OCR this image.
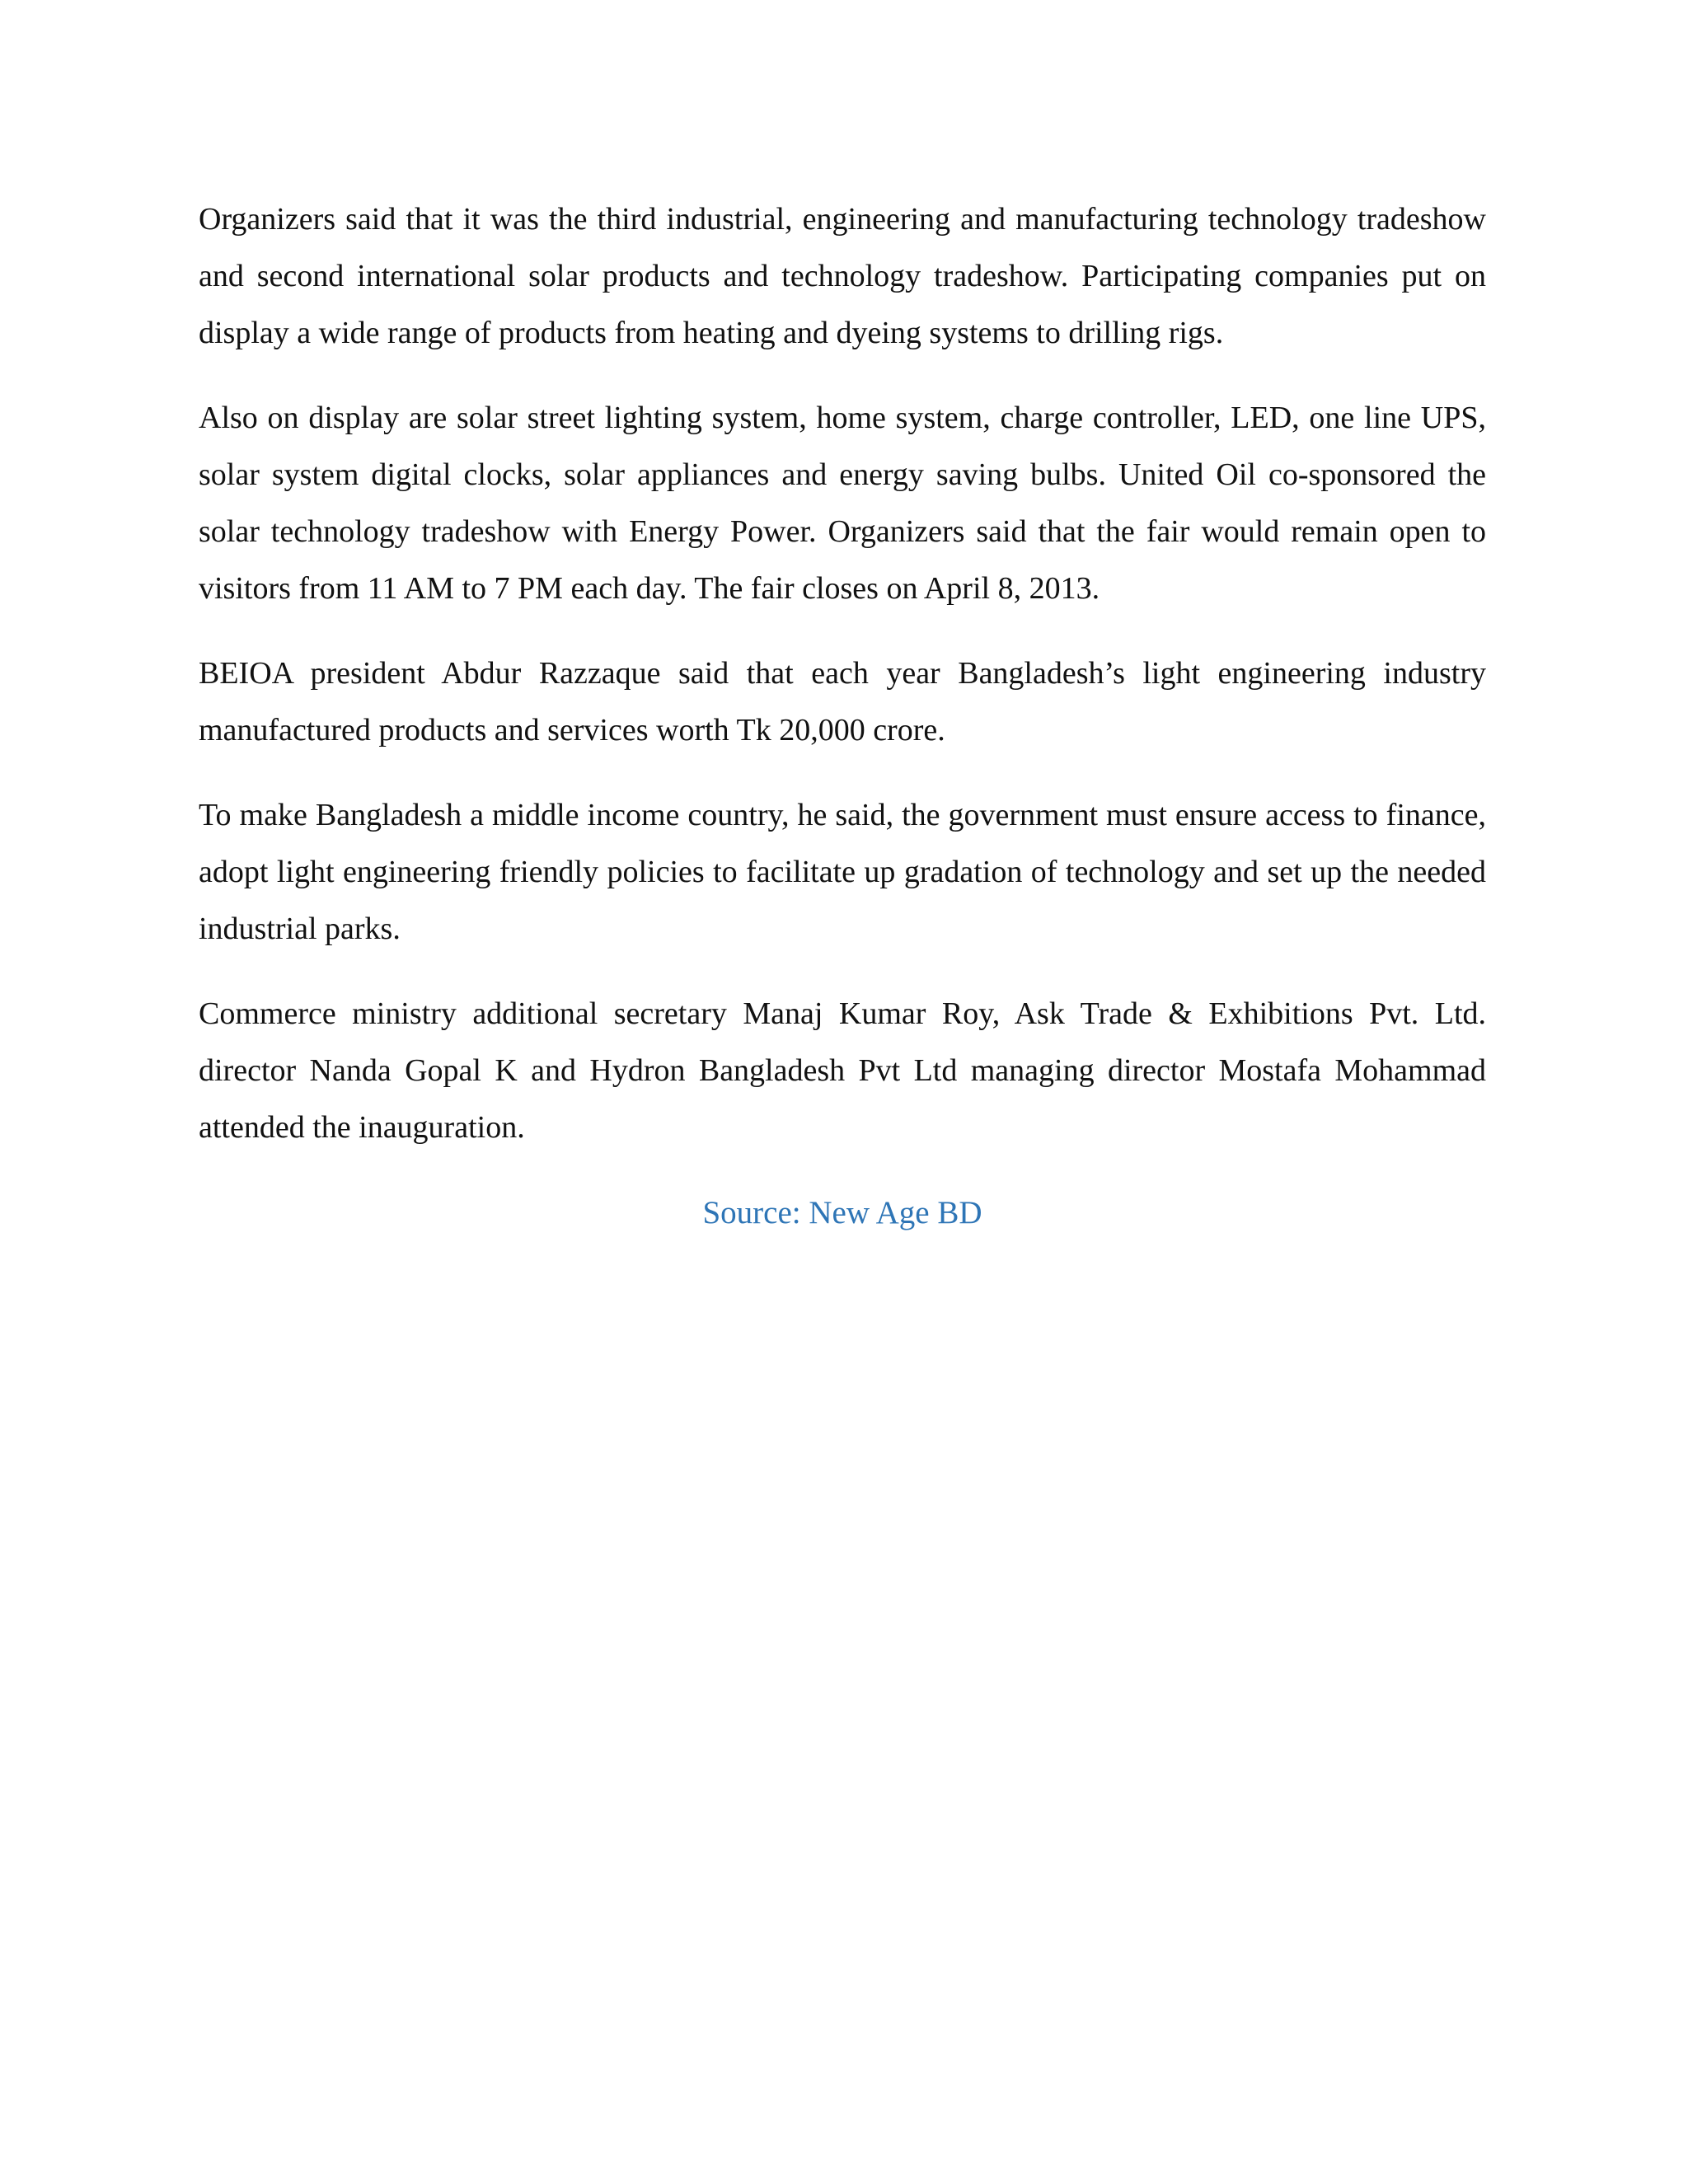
Organizers said that it was the third industrial, engineering and manufacturing technology tradeshow and second international solar products and technology tradeshow. Participating companies put on display a wide range of products from heating and dyeing systems to drilling rigs.

Also on display are solar street lighting system, home system, charge controller, LED, one line UPS, solar system digital clocks, solar appliances and energy saving bulbs. United Oil co-sponsored the solar technology tradeshow with Energy Power. Organizers said that the fair would remain open to visitors from 11 AM to 7 PM each day. The fair closes on April 8, 2013.

BEIOA president Abdur Razzaque said that each year Bangladesh’s light engineering industry manufactured products and services worth Tk 20,000 crore.

To make Bangladesh a middle income country, he said, the government must ensure access to finance, adopt light engineering friendly policies to facilitate up gradation of technology and set up the needed industrial parks.

Commerce ministry additional secretary Manaj Kumar Roy, Ask Trade & Exhibitions Pvt. Ltd. director Nanda Gopal K and Hydron Bangladesh Pvt Ltd managing director Mostafa Mohammad attended the inauguration.

Source: New Age BD
